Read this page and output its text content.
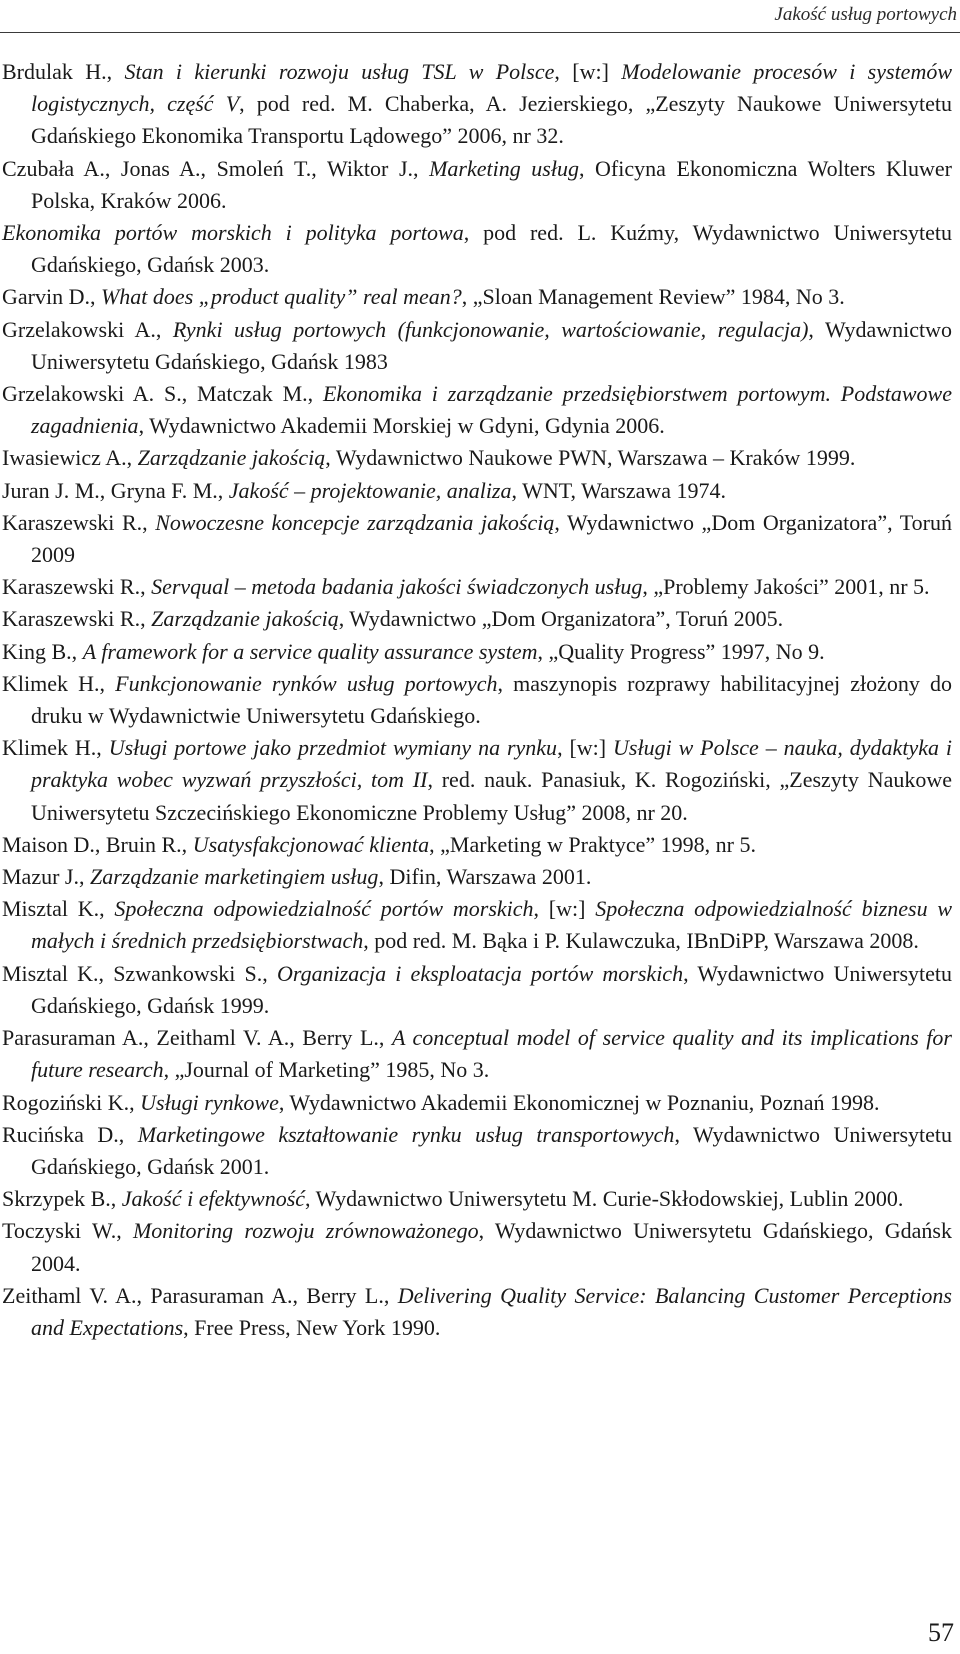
Jakość usług portowych
Brdulak H., Stan i kierunki rozwoju usług TSL w Polsce, [w:] Modelowanie procesów i systemów logistycznych, część V, pod red. M. Chaberka, A. Jezierskiego, „Zeszyty Naukowe Uniwersytetu Gdańskiego Ekonomika Transportu Lądowego” 2006, nr 32.
Czubała A., Jonas A., Smoleń T., Wiktor J., Marketing usług, Oficyna Ekonomiczna Wolters Kluwer Polska, Kraków 2006.
Ekonomika portów morskich i polityka portowa, pod red. L. Kuźmy, Wydawnictwo Uniwersytetu Gdańskiego, Gdańsk 2003.
Garvin D., What does „product quality” real mean?, „Sloan Management Review” 1984, No 3.
Grzelakowski A., Rynki usług portowych (funkcjonowanie, wartościowanie, regulacja), Wydawnictwo Uniwersytetu Gdańskiego, Gdańsk 1983
Grzelakowski A. S., Matczak M., Ekonomika i zarządzanie przedsiębiorstwem portowym. Podstawowe zagadnienia, Wydawnictwo Akademii Morskiej w Gdyni, Gdynia 2006.
Iwasiewicz A., Zarządzanie jakością, Wydawnictwo Naukowe PWN, Warszawa – Kraków 1999.
Juran J. M., Gryna F. M., Jakość – projektowanie, analiza, WNT, Warszawa 1974.
Karaszewski R., Nowoczesne koncepcje zarządzania jakością, Wydawnictwo „Dom Organizatora”, Toruń 2009
Karaszewski R., Servqual – metoda badania jakości świadczonych usług, „Problemy Jakości” 2001, nr 5.
Karaszewski R., Zarządzanie jakością, Wydawnictwo „Dom Organizatora”, Toruń 2005.
King B., A framework for a service quality assurance system, „Quality Progress” 1997, No 9.
Klimek H., Funkcjonowanie rynków usług portowych, maszynopis rozprawy habilitacyjnej złożony do druku w Wydawnictwie Uniwersytetu Gdańskiego.
Klimek H., Usługi portowe jako przedmiot wymiany na rynku, [w:] Usługi w Polsce – nauka, dydaktyka i praktyka wobec wyzwań przyszłości, tom II, red. nauk. Panasiuk, K. Rogoziński, „Zeszyty Naukowe Uniwersytetu Szczecińskiego Ekonomiczne Problemy Usług” 2008, nr 20.
Maison D., Bruin R., Usatysfakcjonować klienta, „Marketing w Praktyce” 1998, nr 5.
Mazur J., Zarządzanie marketingiem usług, Difin, Warszawa 2001.
Misztal K., Społeczna odpowiedzialność portów morskich, [w:] Społeczna odpowiedzialność biznesu w małych i średnich przedsiębiorstwach, pod red. M. Bąka i P. Kulawczuka, IBnDiPP, Warszawa 2008.
Misztal K., Szwankowski S., Organizacja i eksploatacja portów morskich, Wydawnictwo Uniwersytetu Gdańskiego, Gdańsk 1999.
Parasuraman A., Zeithaml V. A., Berry L., A conceptual model of service quality and its implications for future research, „Journal of Marketing” 1985, No 3.
Rogoziński K., Usługi rynkowe, Wydawnictwo Akademii Ekonomicznej w Poznaniu, Poznań 1998.
Rucińska D., Marketingowe kształtowanie rynku usług transportowych, Wydawnictwo Uniwersytetu Gdańskiego, Gdańsk 2001.
Skrzypek B., Jakość i efektywność, Wydawnictwo Uniwersytetu M. Curie-Skłodowskiej, Lublin 2000.
Toczyski W., Monitoring rozwoju zrównoważonego, Wydawnictwo Uniwersytetu Gdańskiego, Gdańsk 2004.
Zeithaml V. A., Parasuraman A., Berry L., Delivering Quality Service: Balancing Customer Perceptions and Expectations, Free Press, New York 1990.
57
